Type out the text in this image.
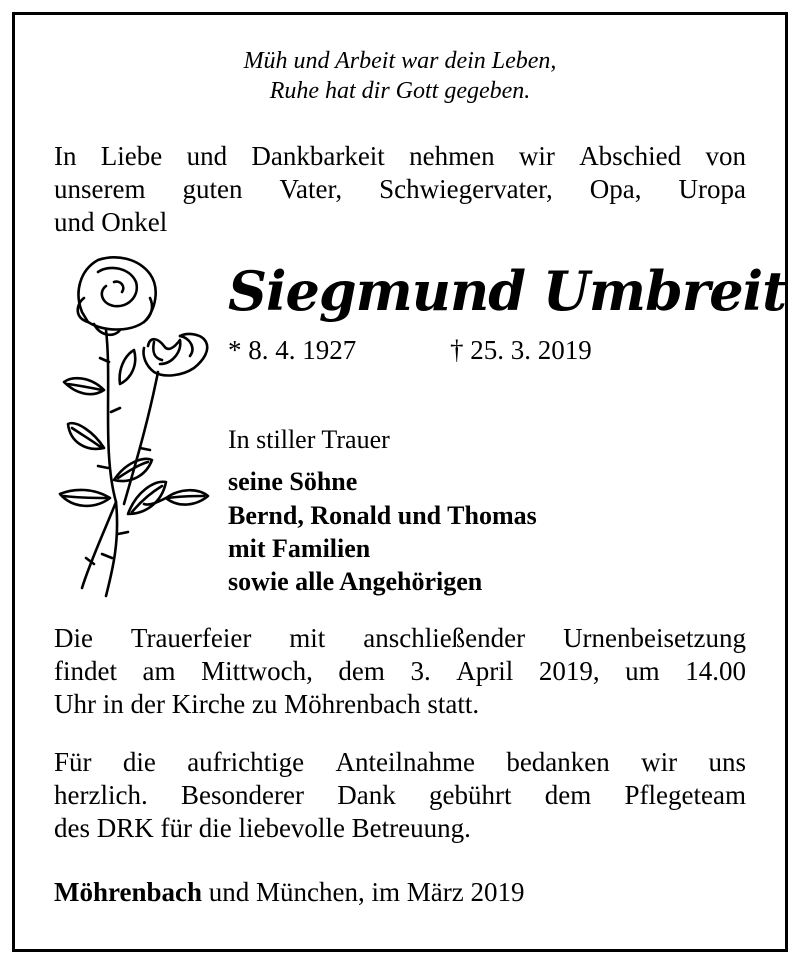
Müh und Arbeit war dein Leben,
Ruhe hat dir Gott gegeben.
In Liebe und Dankbarkeit nehmen wir Abschied von
unserem guten Vater, Schwiegervater, Opa, Uropa
und Onkel
Siegmund Umbreit
* 8. 4. 1927	† 25. 3. 2019
In stiller Trauer
seine Söhne
Bernd, Ronald und Thomas
mit Familien
sowie alle Angehörigen
Die Trauerfeier mit anschließender Urnenbeisetzung
findet am Mittwoch, dem 3. April 2019, um 14.00
Uhr in der Kirche zu Möhrenbach statt.
Für die aufrichtige Anteilnahme bedanken wir uns
herzlich. Besonderer Dank gebührt dem Pflegeteam
des DRK für die liebevolle Betreuung.
Möhrenbach und München, im März 2019
